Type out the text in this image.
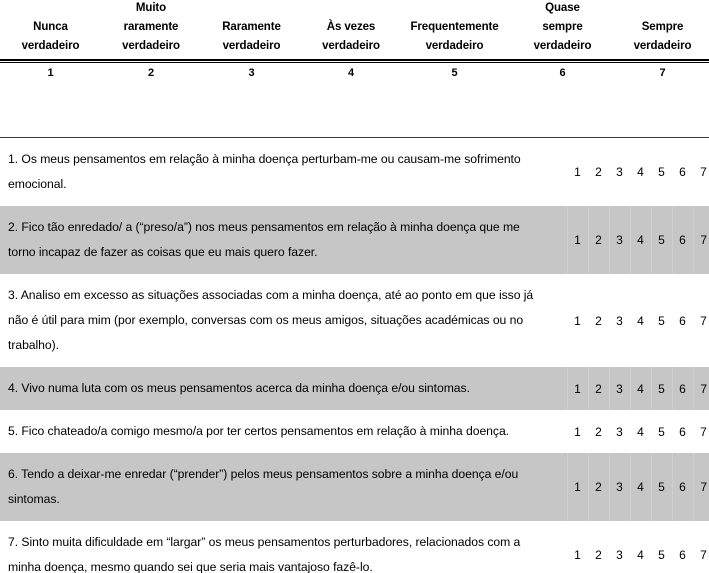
Nunca
verdadeiro
Muito
raramente
verdadeiro
Raramente
verdadeiro
Às vezes
verdadeiro
Frequentemente
verdadeiro
Quase
sempre
verdadeiro
Sempre
verdadeiro
1	2	3	4	5	6	7
1. Os meus pensamentos em relação à minha doença perturbam-me ou causam-me sofrimento emocional.		1	2	3	4	5	6	7
2. Fico tão enredado/ a (“preso/a”) nos meus pensamentos em relação à minha doença que me torno incapaz de fazer as coisas que eu mais quero fazer.		1	2	3	4	5	6	7
3. Analiso em excesso as situações associadas com a minha doença, até ao ponto em que isso já não é útil para mim (por exemplo, conversas com os meus amigos, situações académicas ou no trabalho).		1	2	3	4	5	6	7
4. Vivo numa luta com os meus pensamentos acerca da minha doença e/ou sintomas.		1	2	3	4	5	6	7
5. Fico chateado/a comigo mesmo/a por ter certos pensamentos em relação à minha doença.		1	2	3	4	5	6	7
6. Tendo a deixar-me enredar (“prender”) pelos meus pensamentos sobre a minha doença e/ou sintomas.		1	2	3	4	5	6	7
7. Sinto muita dificuldade em “largar” os meus pensamentos perturbadores, relacionados com a minha doença, mesmo quando sei que seria mais vantajoso fazê-lo.		1	2	3	4	5	6	7
